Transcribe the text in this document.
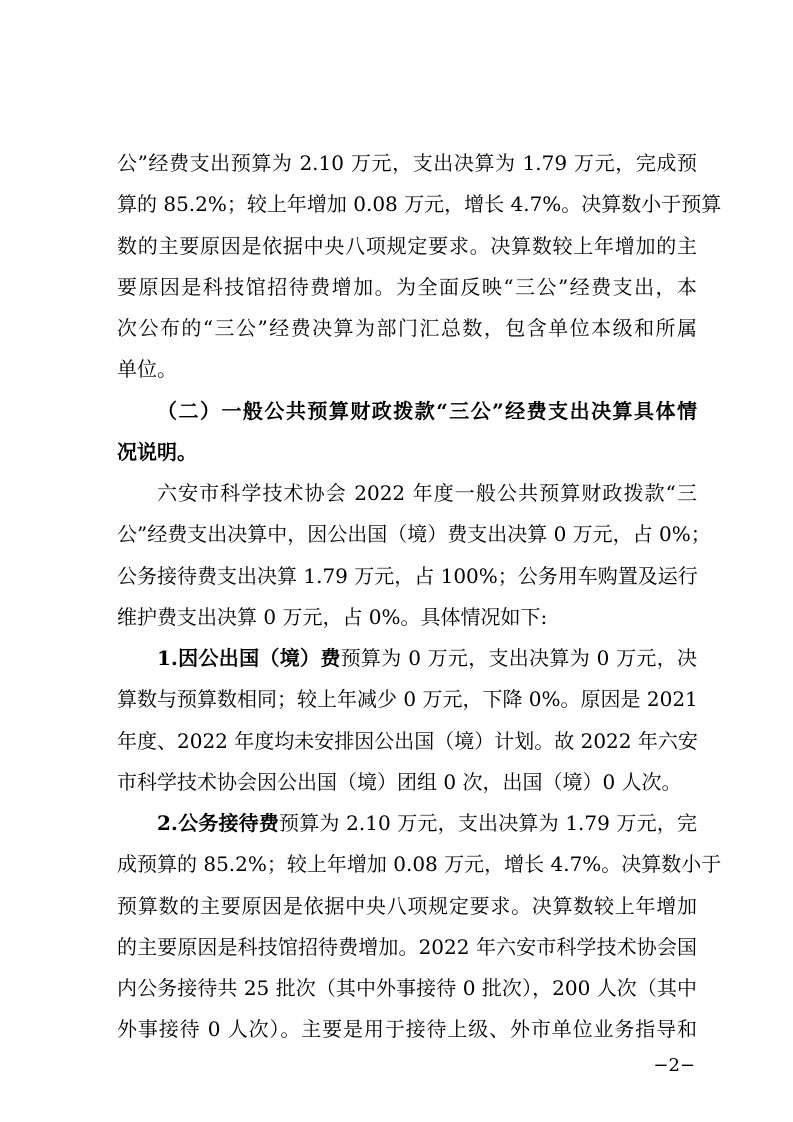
公”经费支出预算为 2.10 万元，支出决算为 1.79 万元，完成预
算的 85.2%；较上年增加 0.08 万元，增长 4.7%。决算数小于预算
数的主要原因是依据中央八项规定要求。决算数较上年增加的主
要原因是科技馆招待费增加。为全面反映“三公”经费支出，本
次公布的“三公”经费决算为部门汇总数，包含单位本级和所属
单位。
（二）一般公共预算财政拨款“三公”经费支出决算具体情
况说明。
六安市科学技术协会 2022 年度一般公共预算财政拨款“三
公”经费支出决算中，因公出国（境）费支出决算 0 万元，占 0%；
公务接待费支出决算 1.79 万元，占 100%；公务用车购置及运行
维护费支出决算 0 万元，占 0%。具体情况如下:
1.因公出国（境）费预算为 0 万元，支出决算为 0 万元，决
算数与预算数相同；较上年减少 0 万元，下降 0%。原因是 2021
年度、2022 年度均未安排因公出国（境）计划。故 2022 年六安
市科学技术协会因公出国（境）团组 0 次，出国（境）0 人次。
2.公务接待费预算为 2.10 万元，支出决算为 1.79 万元，完
成预算的 85.2%；较上年增加 0.08 万元，增长 4.7%。决算数小于
预算数的主要原因是依据中央八项规定要求。决算数较上年增加
的主要原因是科技馆招待费增加。2022 年六安市科学技术协会国
内公务接待共 25 批次（其中外事接待 0 批次），200 人次（其中
外事接待 0 人次）。主要是用于接待上级、外市单位业务指导和
−2−
